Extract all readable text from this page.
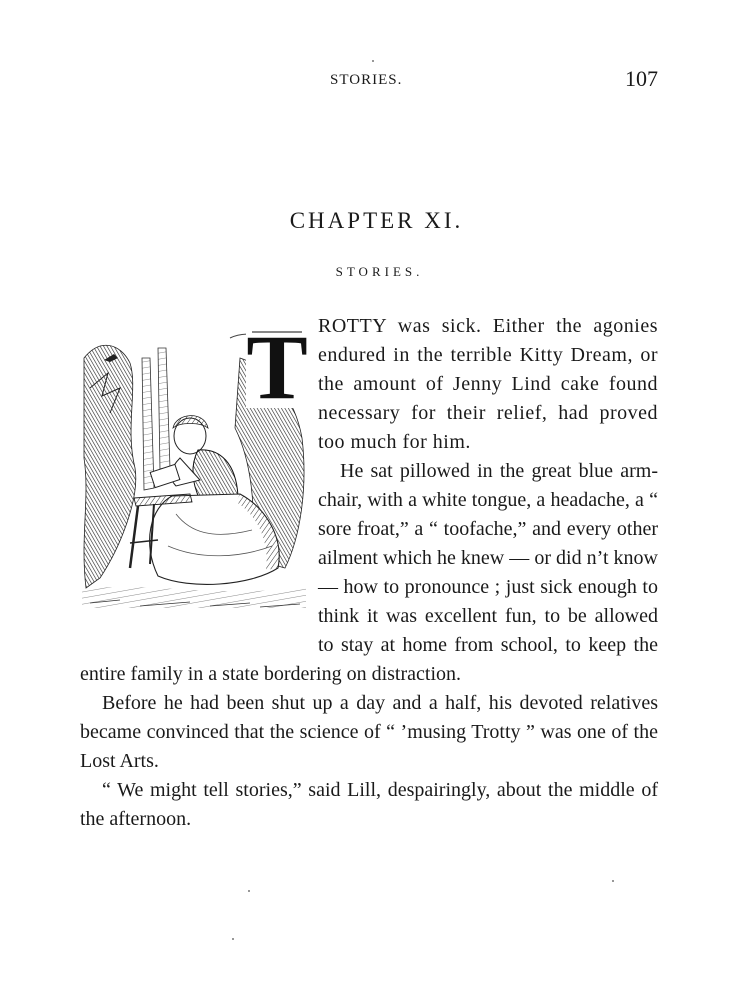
STORIES.	107
CHAPTER XI.
STORIES.
T ROTTY was sick. Either the agonies endured in the terrible Kitty Dream, or the amount of Jenny Lind cake found necessary for their relief, had proved too much for him.

He sat pillowed in the great blue arm-chair, with a white tongue, a headache, a “ sore froat,” a “ toofache,” and every other ailment which he knew — or did n’t know — how to pronounce ; just sick enough to think it was excellent fun, to be allowed to stay at home from school, to keep the entire family in a state bordering on distraction.

Before he had been shut up a day and a half, his devoted relatives became convinced that the science of “ ’musing Trotty ” was one of the Lost Arts.

“ We might tell stories,” said Lill, despairingly, about the middle of the afternoon.
